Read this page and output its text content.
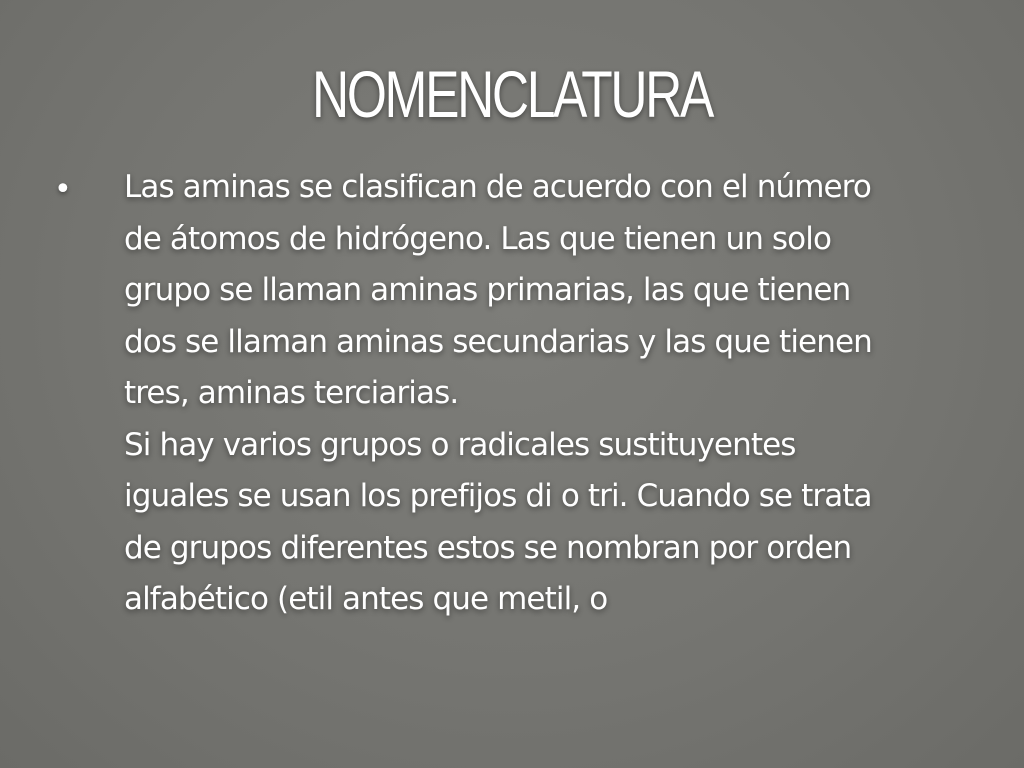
NOMENCLATURA
• Las aminas se clasifican de acuerdo con el número de átomos de hidrógeno. Las que tienen un solo grupo se llaman aminas primarias, las que tienen dos se llaman aminas secundarias y las que tienen tres, aminas terciarias.
Si hay varios grupos o radicales sustituyentes iguales se usan los prefijos di o tri. Cuando se trata de grupos diferentes estos se nombran por orden alfabético (etil antes que metil, o
